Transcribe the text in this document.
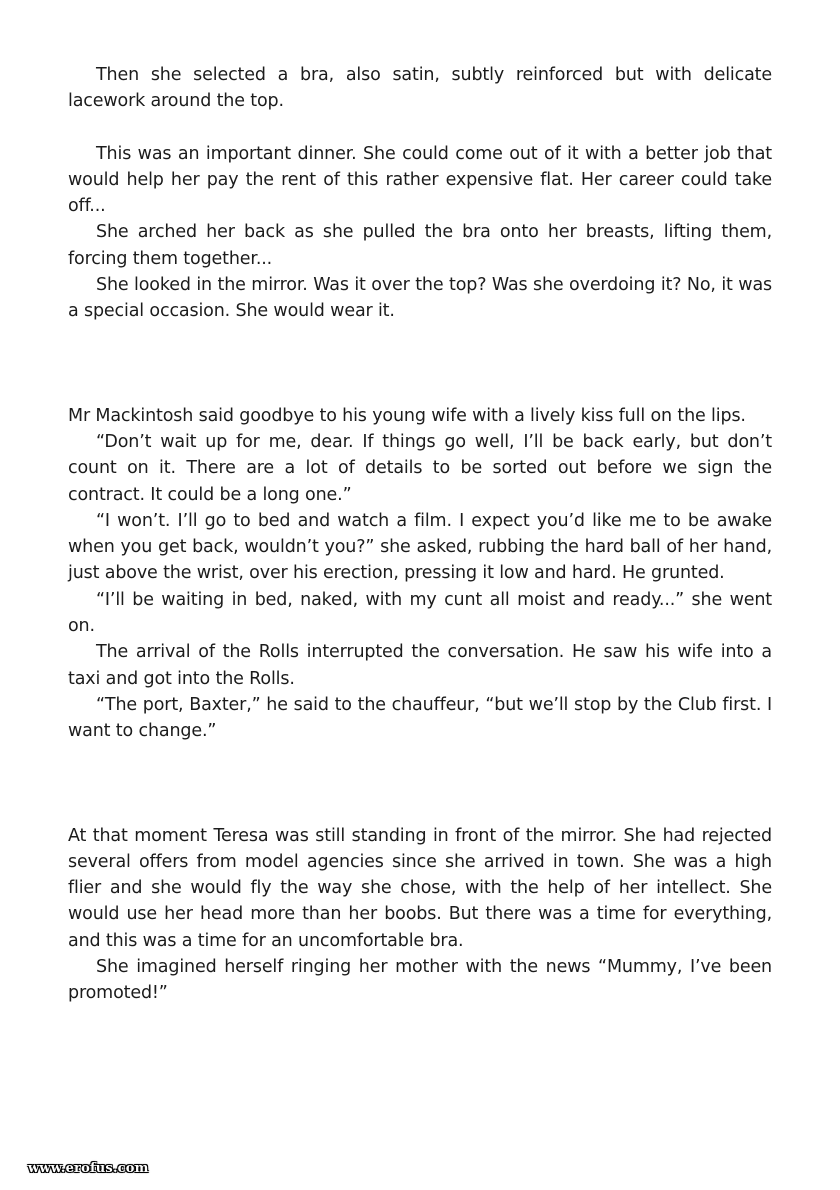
Then she selected a bra, also satin, subtly reinforced but with delicate lacework around the top.

This was an important dinner. She could come out of it with a better job that would help her pay the rent of this rather expensive flat. Her career could take off...

She arched her back as she pulled the bra onto her breasts, lifting them, forcing them together...

She looked in the mirror. Was it over the top? Was she overdoing it? No, it was a special occasion. She would wear it.

Mr Mackintosh said goodbye to his young wife with a lively kiss full on the lips.

“Don’t wait up for me, dear. If things go well, I’ll be back early, but don’t count on it. There are a lot of details to be sorted out before we sign the contract. It could be a long one.”

“I won’t. I’ll go to bed and watch a film. I expect you’d like me to be awake when you get back, wouldn’t you?” she asked, rubbing the hard ball of her hand, just above the wrist, over his erection, pressing it low and hard. He grunted.

“I’ll be waiting in bed, naked, with my cunt all moist and ready...” she went on.

The arrival of the Rolls interrupted the conversation. He saw his wife into a taxi and got into the Rolls.

“The port, Baxter,” he said to the chauffeur, “but we’ll stop by the Club first. I want to change.”

At that moment Teresa was still standing in front of the mirror. She had rejected several offers from model agencies since she arrived in town. She was a high flier and she would fly the way she chose, with the help of her intellect. She would use her head more than her boobs. But there was a time for everything, and this was a time for an uncomfortable bra.

She imagined herself ringing her mother with the news “Mummy, I’ve been promoted!”

www.erofus.com
